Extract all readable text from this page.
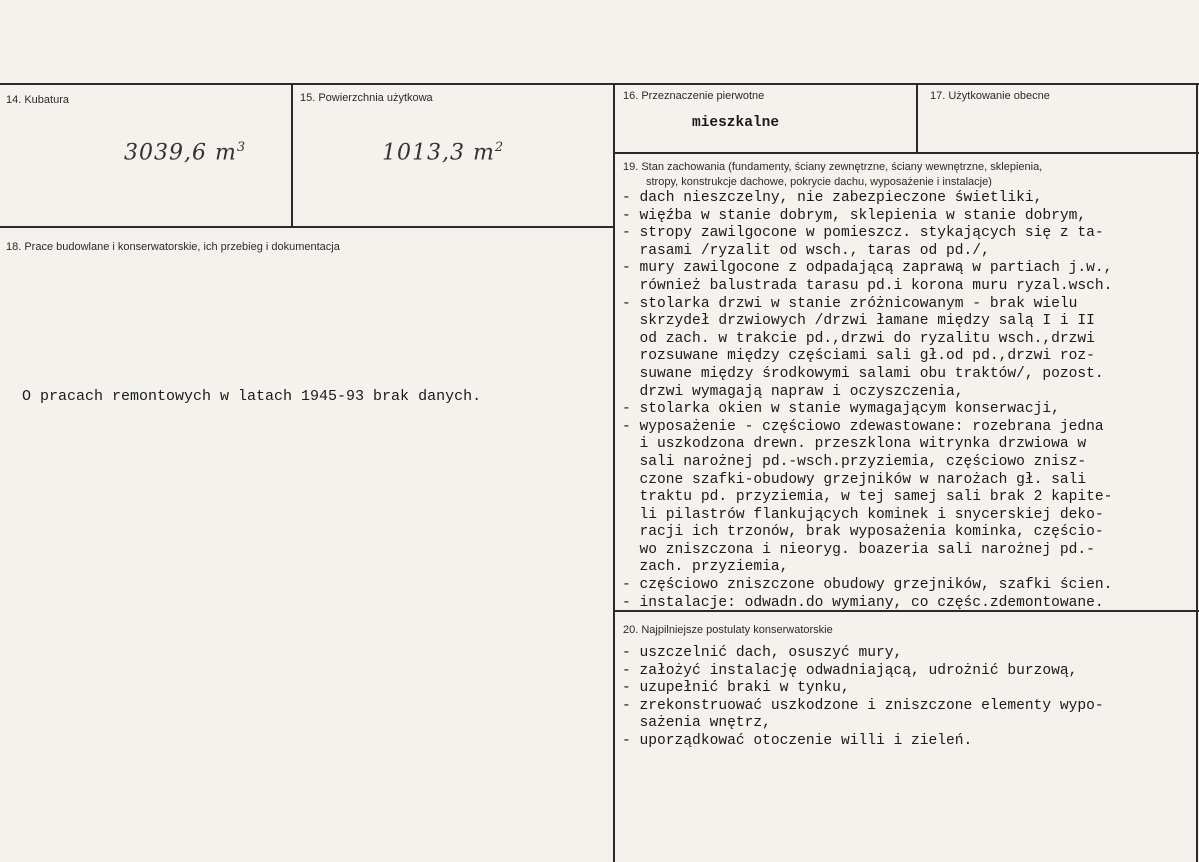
14. Kubatura
3039,6 $m^3$
15. Powierzchnia użytkowa
1013,3 $m^2$
16. Przeznaczenie pierwotne
mieszkalne
17. Użytkowanie obecne
18. Prace budowlane i konserwatorskie, ich przebieg i dokumentacja
O pracach remontowych w latach 1945-93 brak danych.
19. Stan zachowania (fundamenty, ściany zewnętrzne, ściany wewnętrzne, sklepienia,
stropy, konstrukcje dachowe, pokrycie dachu, wyposażenie i instalacje)
- dach nieszczelny, nie zabezpieczone świetliki,
- więźba w stanie dobrym, sklepienia w stanie dobrym,
- stropy zawilgocone w pomieszcz. stykających się z ta-
rasami /ryzalit od wsch., taras od pd./,
- mury zawilgocone z odpadającą zaprawą w partiach j.w.,
również balustrada tarasu pd.i korona muru ryzal.wsch.
- stolarka drzwi w stanie zróżnicowanym - brak wielu
skrzydeł drzwiowych /drzwi łamane między salą I i II
od zach. w trakcie pd.,drzwi do ryzalitu wsch.,drzwi
rozsuwane między częściami sali gł.od pd.,drzwi roz-
suwane między środkowymi salami obu traktów/, pozost.
drzwi wymagają napraw i oczyszczenia,
- stolarka okien w stanie wymagającym konserwacji,
- wyposażenie - częściowo zdewastowane: rozebrana jedna
i uszkodzona drewn. przeszklona witrynka drzwiowa w
sali narożnej pd.-wsch.przyziemia, częściowo znisz-
czone szafki-obudowy grzejników w narożach gł. sali
traktu pd. przyziemia, w tej samej sali brak 2 kapite-
li pilastrów flankujących kominek i snycerskiej deko-
racji ich trzonów, brak wyposażenia kominka, częścio-
wo zniszczona i nieoryg. boazeria sali narożnej pd.-
zach. przyziemia,
- częściowo zniszczone obudowy grzejników, szafki ścien.
- instalacje: odwadn.do wymiany, co częśc.zdemontowane.
20. Najpilniejsze postulaty konserwatorskie
- uszczelnić dach, osuszyć mury,
- założyć instalację odwadniającą, udrożnić burzową,
- uzupełnić braki w tynku,
- zrekonstruować uszkodzone i zniszczone elementy wypo-
sażenia wnętrz,
- uporządkować otoczenie willi i zieleń.
